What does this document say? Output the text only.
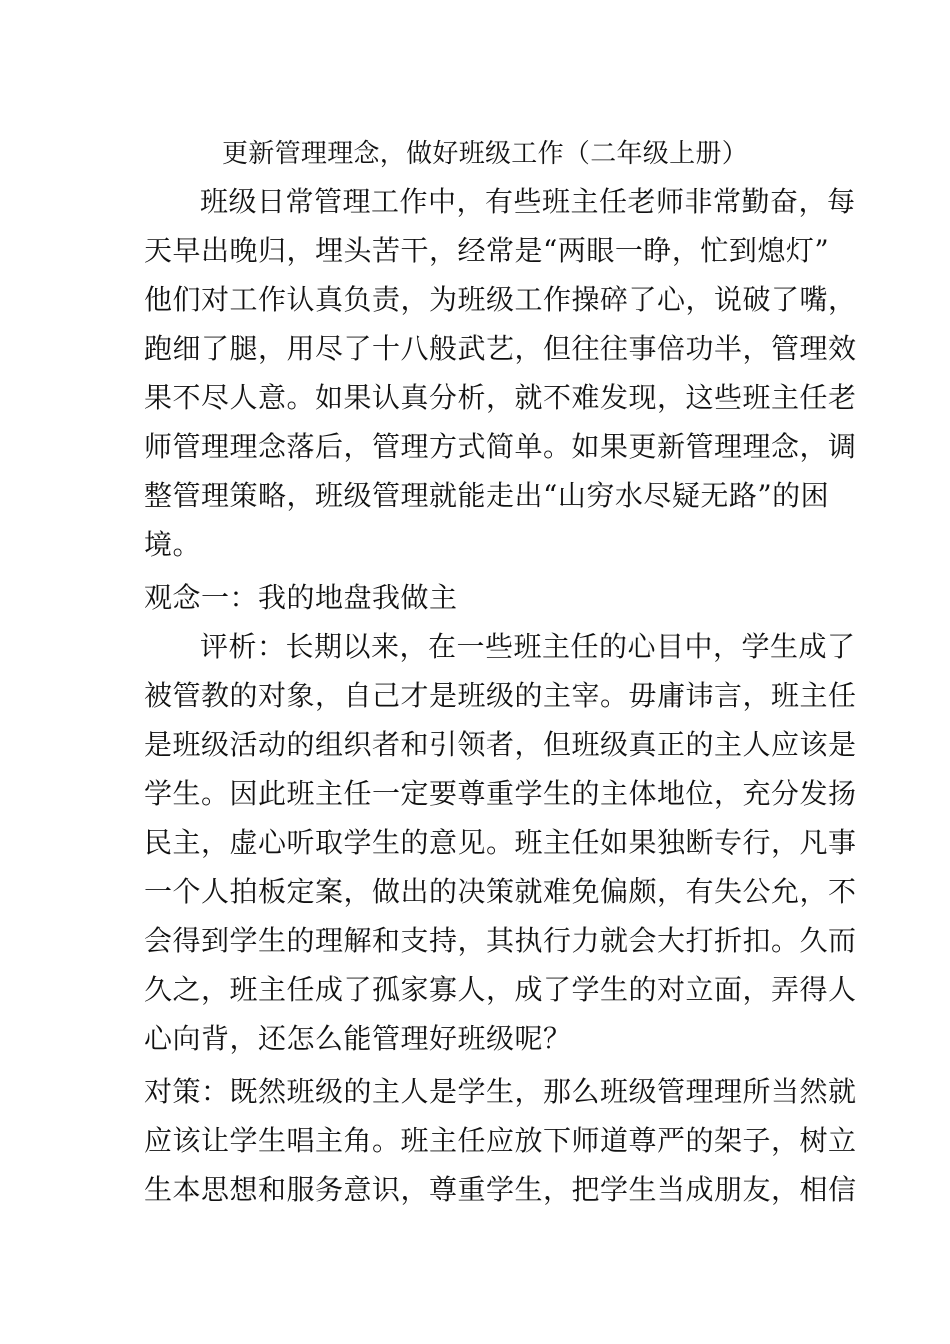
更新管理理念，做好班级工作（二年级上册）
班级日常管理工作中，有些班主任老师非常勤奋，每
天早出晚归，埋头苦干，经常是“两眼一睁，忙到熄灯”
他们对工作认真负责，为班级工作操碎了心，说破了嘴，
跑细了腿，用尽了十八般武艺，但往往事倍功半，管理效
果不尽人意。如果认真分析，就不难发现，这些班主任老
师管理理念落后，管理方式简单。如果更新管理理念，调
整管理策略，班级管理就能走出“山穷水尽疑无路”的困
境。
观念一：我的地盘我做主
评析：长期以来，在一些班主任的心目中，学生成了
被管教的对象，自己才是班级的主宰。毋庸讳言，班主任
是班级活动的组织者和引领者，但班级真正的主人应该是
学生。因此班主任一定要尊重学生的主体地位，充分发扬
民主，虚心听取学生的意见。班主任如果独断专行，凡事
一个人拍板定案，做出的决策就难免偏颇，有失公允，不
会得到学生的理解和支持，其执行力就会大打折扣。久而
久之，班主任成了孤家寡人，成了学生的对立面，弄得人
心向背，还怎么能管理好班级呢？
对策：既然班级的主人是学生，那么班级管理理所当然就
应该让学生唱主角。班主任应放下师道尊严的架子，树立
生本思想和服务意识，尊重学生，把学生当成朋友，相信
